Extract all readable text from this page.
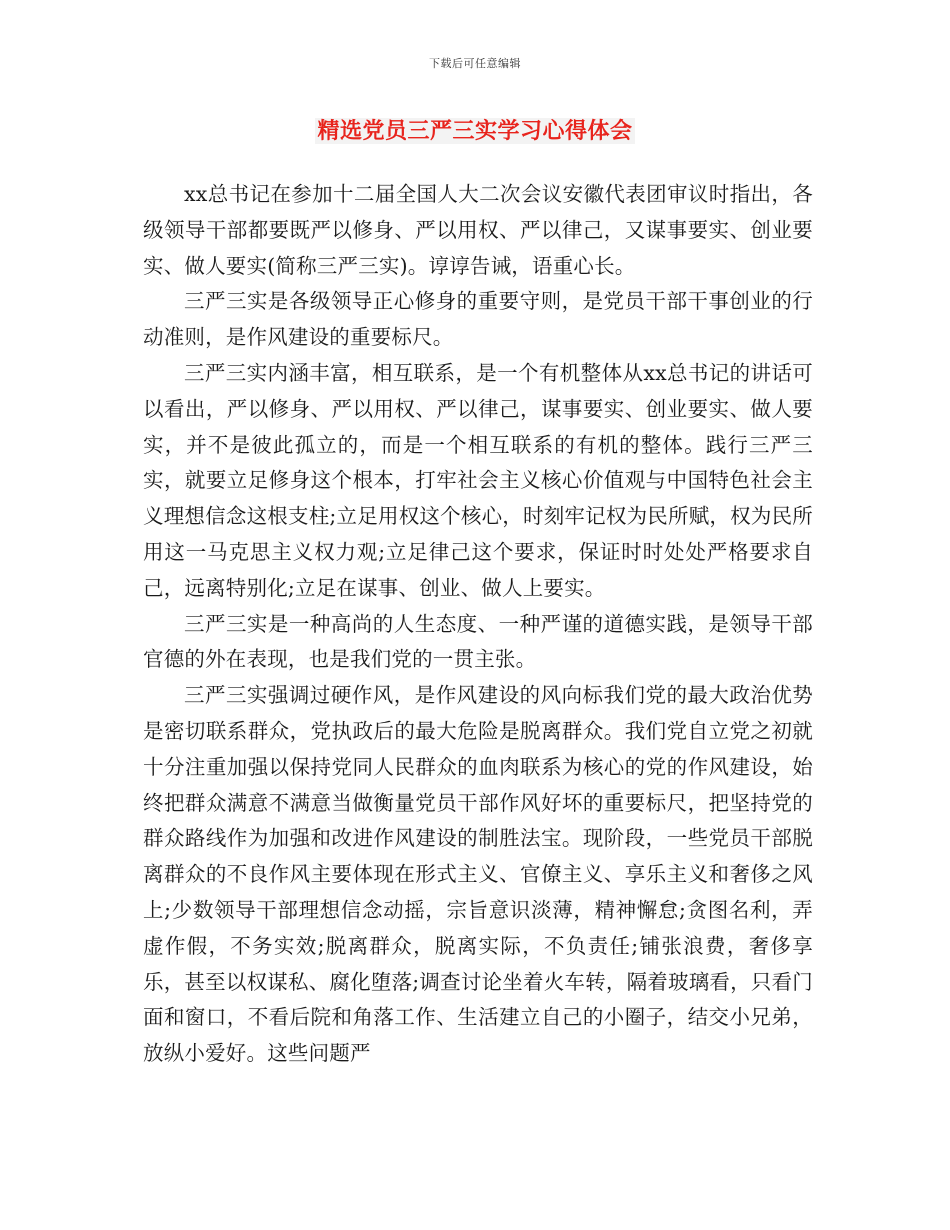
下载后可任意编辑
精选党员三严三实学习心得体会

xx总书记在参加十二届全国人大二次会议安徽代表团审议时指出，各级领导干部都要既严以修身、严以用权、严以律己，又谋事要实、创业要实、做人要实(简称三严三实)。谆谆告诫，语重心长。

三严三实是各级领导正心修身的重要守则，是党员干部干事创业的行动准则，是作风建设的重要标尺。

三严三实内涵丰富，相互联系，是一个有机整体从xx总书记的讲话可以看出，严以修身、严以用权、严以律己，谋事要实、创业要实、做人要实，并不是彼此孤立的，而是一个相互联系的有机的整体。践行三严三实，就要立足修身这个根本，打牢社会主义核心价值观与中国特色社会主义理想信念这根支柱;立足用权这个核心，时刻牢记权为民所赋，权为民所用这一马克思主义权力观;立足律己这个要求，保证时时处处严格要求自己，远离特别化;立足在谋事、创业、做人上要实。

三严三实是一种高尚的人生态度、一种严谨的道德实践，是领导干部官德的外在表现，也是我们党的一贯主张。

三严三实强调过硬作风，是作风建设的风向标我们党的最大政治优势是密切联系群众，党执政后的最大危险是脱离群众。我们党自立党之初就十分注重加强以保持党同人民群众的血肉联系为核心的党的作风建设，始终把群众满意不满意当做衡量党员干部作风好坏的重要标尺，把坚持党的群众路线作为加强和改进作风建设的制胜法宝。现阶段，一些党员干部脱离群众的不良作风主要体现在形式主义、官僚主义、享乐主义和奢侈之风上;少数领导干部理想信念动摇，宗旨意识淡薄，精神懈怠;贪图名利，弄虚作假，不务实效;脱离群众，脱离实际，不负责任;铺张浪费，奢侈享乐，甚至以权谋私、腐化堕落;调查讨论坐着火车转，隔着玻璃看，只看门面和窗口，不看后院和角落工作、生活建立自己的小圈子，结交小兄弟，放纵小爱好。这些问题严
